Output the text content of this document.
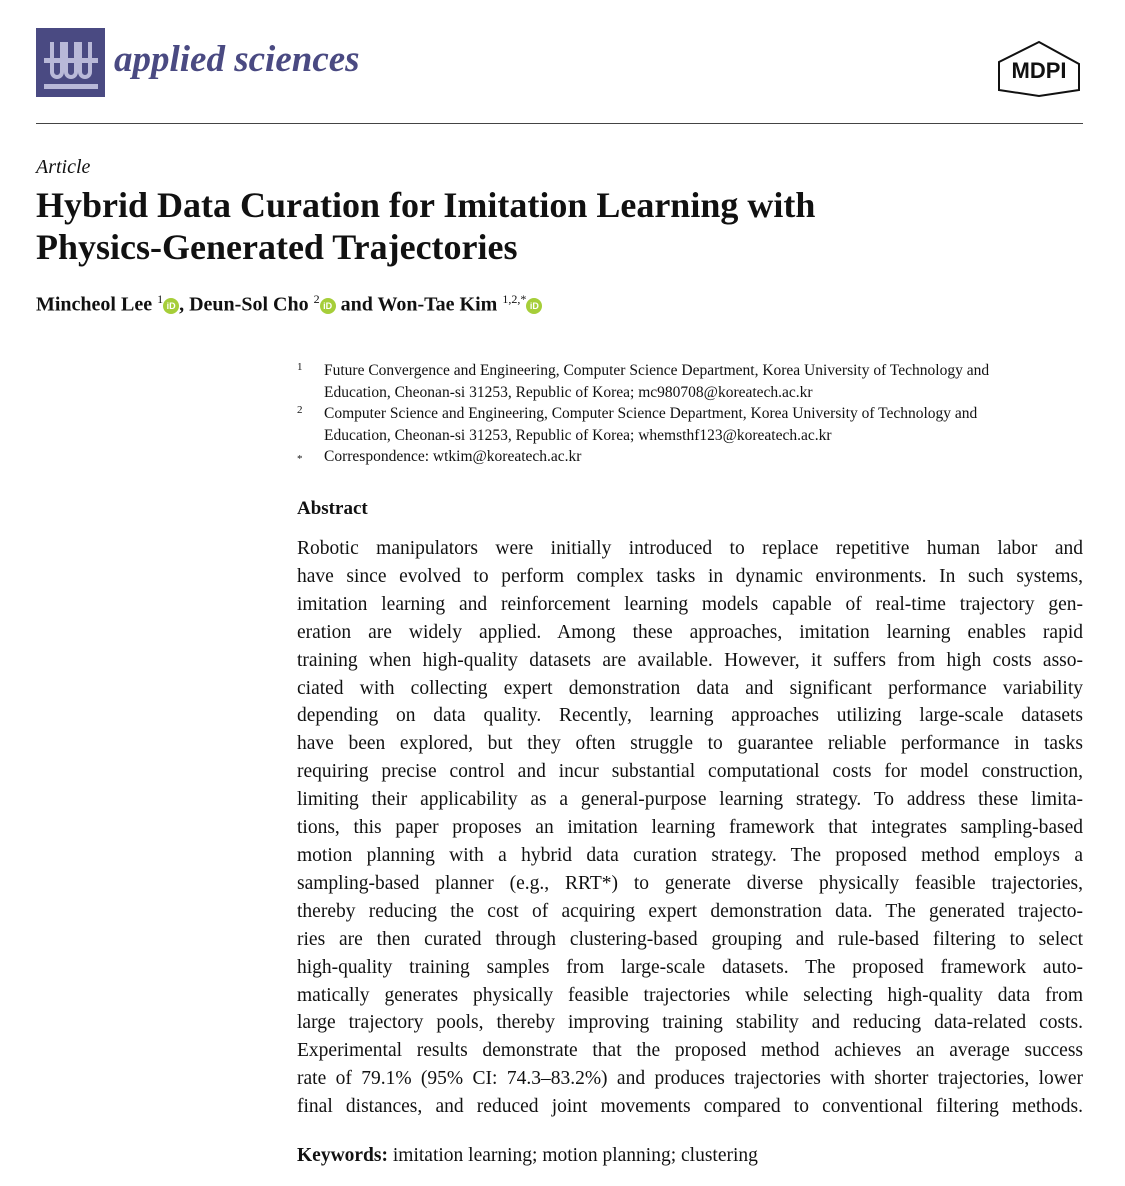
applied sciences	MDPI
Article
Hybrid Data Curation for Imitation Learning with
Physics-Generated Trajectories
Mincheol Lee $^1$ iD , Deun-Sol Cho $^2$ iD and Won-Tae Kim $^{1,2,*}$ iD
1 Future Convergence and Engineering, Computer Science Department, Korea University of Technology and
Education, Cheonan-si 31253, Republic of Korea; mc980708@koreatech.ac.kr
2 Computer Science and Engineering, Computer Science Department, Korea University of Technology and
Education, Cheonan-si 31253, Republic of Korea; whemsthf123@koreatech.ac.kr
* Correspondence: wtkim@koreatech.ac.kr
Abstract
Robotic manipulators were initially introduced to replace repetitive human labor and
have since evolved to perform complex tasks in dynamic environments. In such systems,
imitation learning and reinforcement learning models capable of real-time trajectory gen-
eration are widely applied. Among these approaches, imitation learning enables rapid
training when high-quality datasets are available. However, it suffers from high costs asso-
ciated with collecting expert demonstration data and significant performance variability
depending on data quality. Recently, learning approaches utilizing large-scale datasets
have been explored, but they often struggle to guarantee reliable performance in tasks
requiring precise control and incur substantial computational costs for model construction,
limiting their applicability as a general-purpose learning strategy. To address these limita-
tions, this paper proposes an imitation learning framework that integrates sampling-based
motion planning with a hybrid data curation strategy. The proposed method employs a
sampling-based planner (e.g., RRT*) to generate diverse physically feasible trajectories,
thereby reducing the cost of acquiring expert demonstration data. The generated trajecto-
ries are then curated through clustering-based grouping and rule-based filtering to select
high-quality training samples from large-scale datasets. The proposed framework auto-
matically generates physically feasible trajectories while selecting high-quality data from
large trajectory pools, thereby improving training stability and reducing data-related costs.
Experimental results demonstrate that the proposed method achieves an average success
rate of 79.1% (95% CI: 74.3–83.2%) and produces trajectories with shorter trajectories, lower
final distances, and reduced joint movements compared to conventional filtering methods.
Keywords: imitation learning; motion planning; clustering
